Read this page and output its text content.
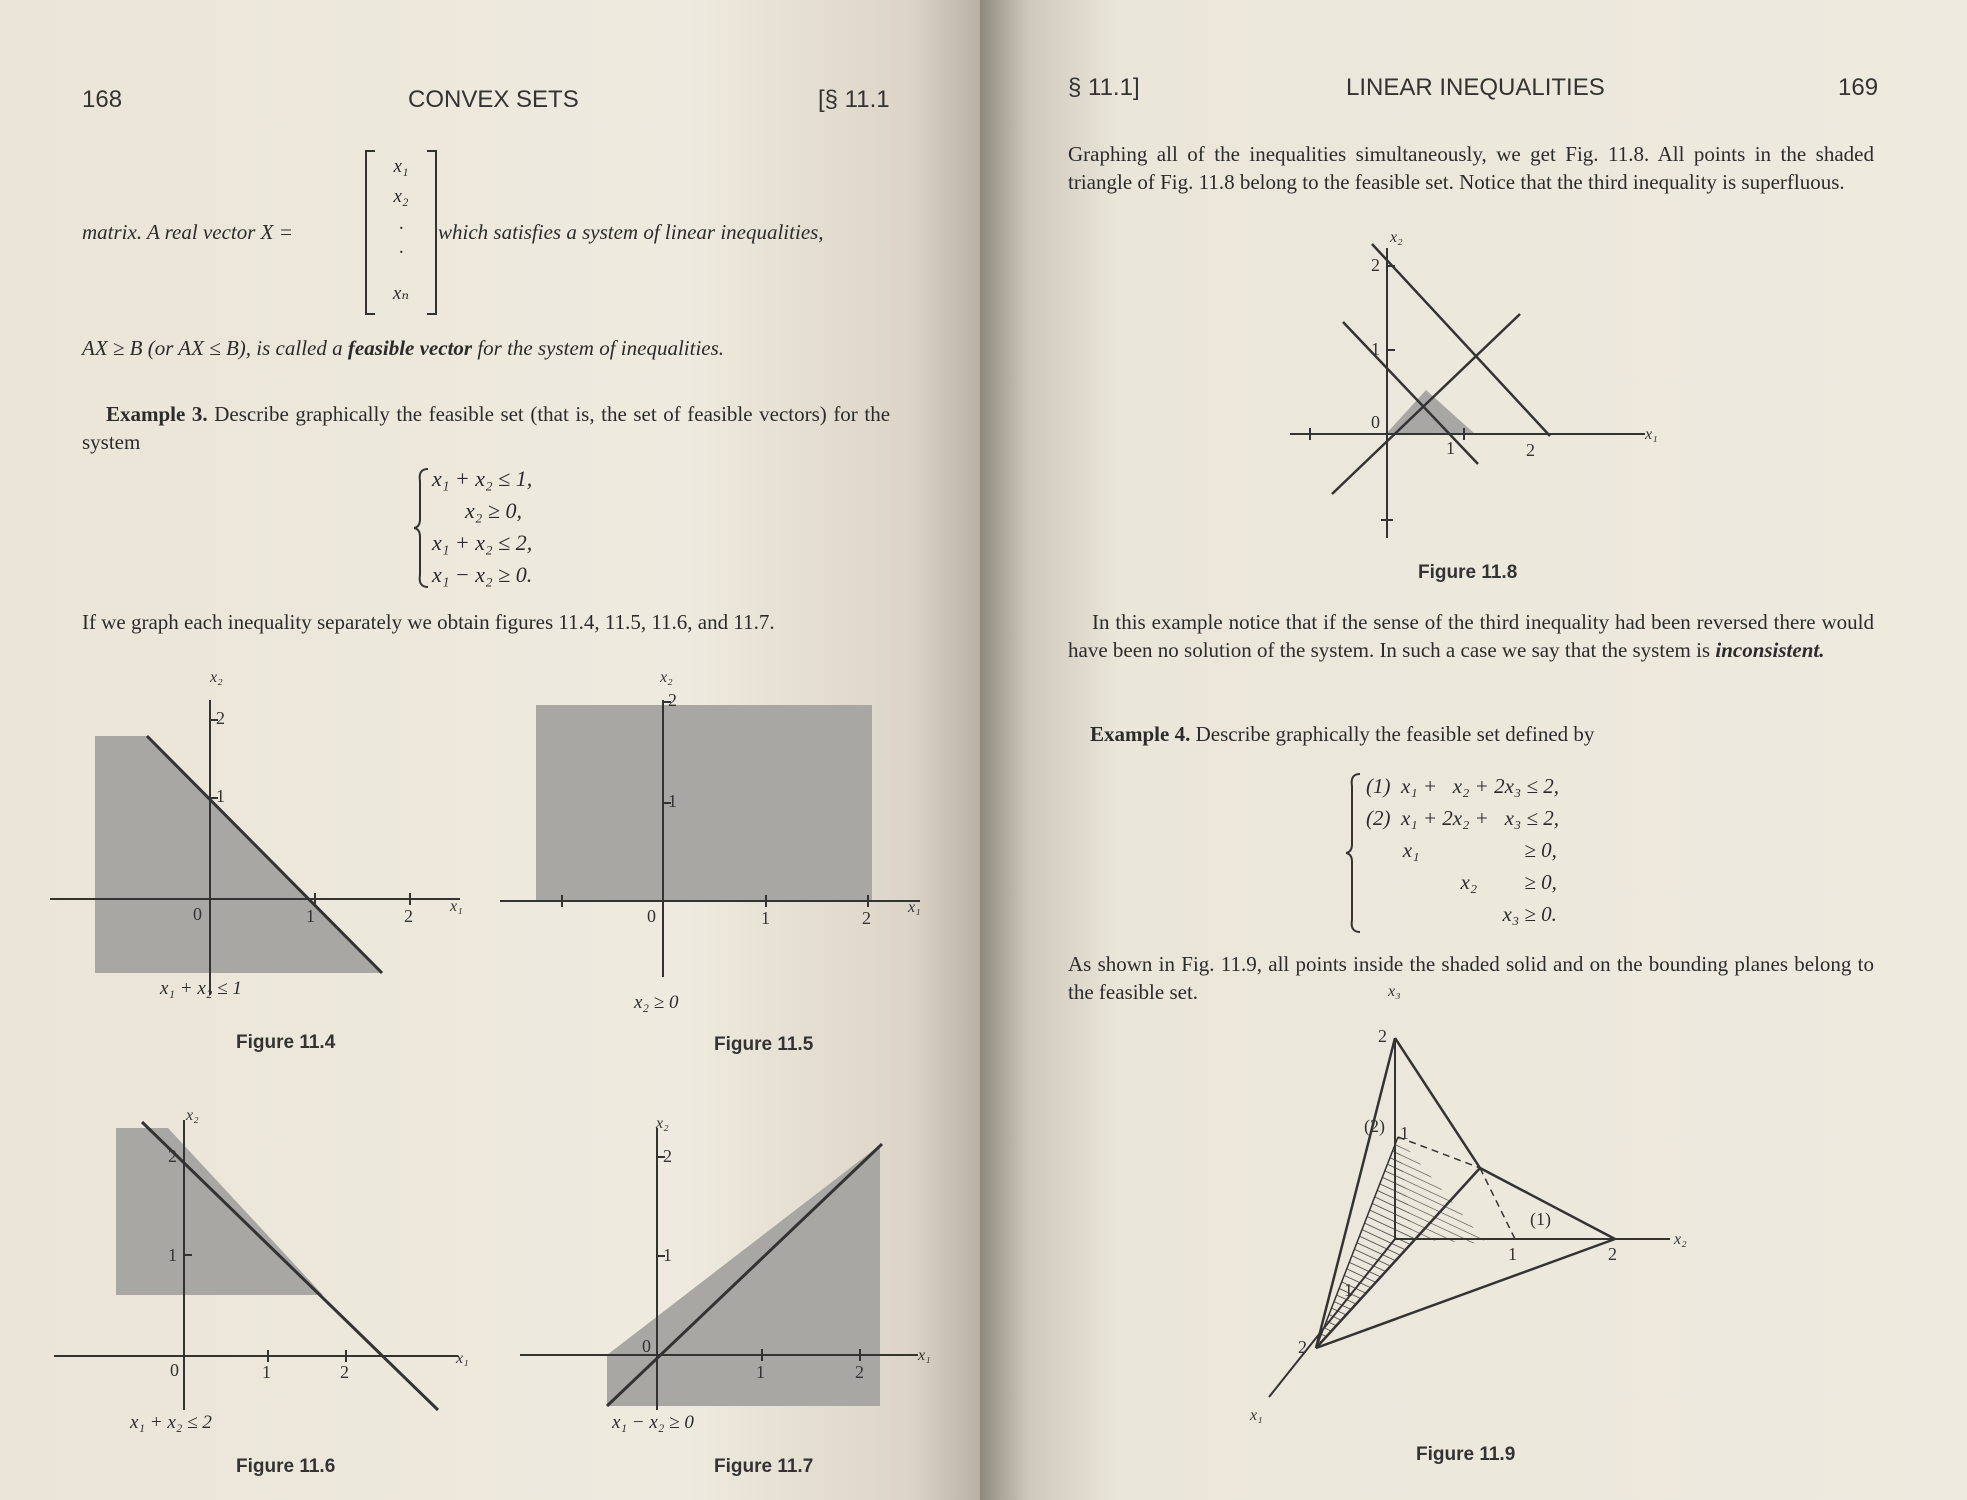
168	CONVEX SETS	[§ 11.1
matrix. A real vector X =
x₁
x₂
·
·
xₙ
which satisfies a system of linear inequalities,
AX ≥ B (or AX ≤ B), is called a feasible vector for the system of inequalities.
Example 3. Describe graphically the feasible set (that is, the set of feasible vectors) for the system
x₁ + x₂ ≤ 1,
x₂ ≥ 0,
x₁ + x₂ ≤ 2,
x₁ − x₂ ≥ 0.
If we graph each inequality separately we obtain figures 11.4, 11.5, 11.6, and 11.7.
x₂
x₁
2
1
0	1	2
x₁ + x₂ ≤ 1
Figure 11.4
x₂
x₁
2
1
0	1	2
x₂ ≥ 0
Figure 11.5
x₂
x₁
2
1
0	1	2
x₁ + x₂ ≤ 2
Figure 11.6
x₂
x₁
2
1
0
1	2
x₁ − x₂ ≥ 0
Figure 11.7
§ 11.1]	LINEAR INEQUALITIES	169
Graphing all of the inequalities simultaneously, we get Fig. 11.8. All points in the shaded triangle of Fig. 11.8 belong to the feasible set. Notice that the third inequality is superfluous.
x₂
x₁
2
1
0
1	2
Figure 11.8
In this example notice that if the sense of the third inequality had been reversed there would have been no solution of the system. In such a case we say that the system is inconsistent.
Example 4. Describe graphically the feasible set defined by
(1)  x₁ +   x₂ + 2x₃ ≤ 2,
(2)  x₁ + 2x₂ +   x₃ ≤ 2,
x₁                    ≥ 0,
x₂         ≥ 0,
x₃ ≥ 0.
As shown in Fig. 11.9, all points inside the shaded solid and on the bounding planes belong to the feasible set.	x₃
x₂
x₁
2
1
1	2
2
1
(2)
(1)
Figure 11.9
